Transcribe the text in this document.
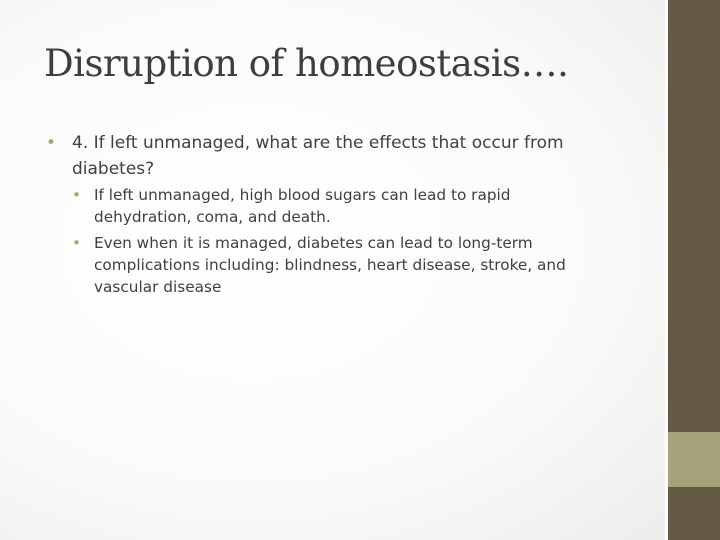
Disruption of homeostasis….
• 4. If left unmanaged, what are the effects that occur from diabetes?
• If left unmanaged, high blood sugars can lead to rapid dehydration, coma, and death.
• Even when it is managed, diabetes can lead to long-term complications including: blindness, heart disease, stroke, and vascular disease
